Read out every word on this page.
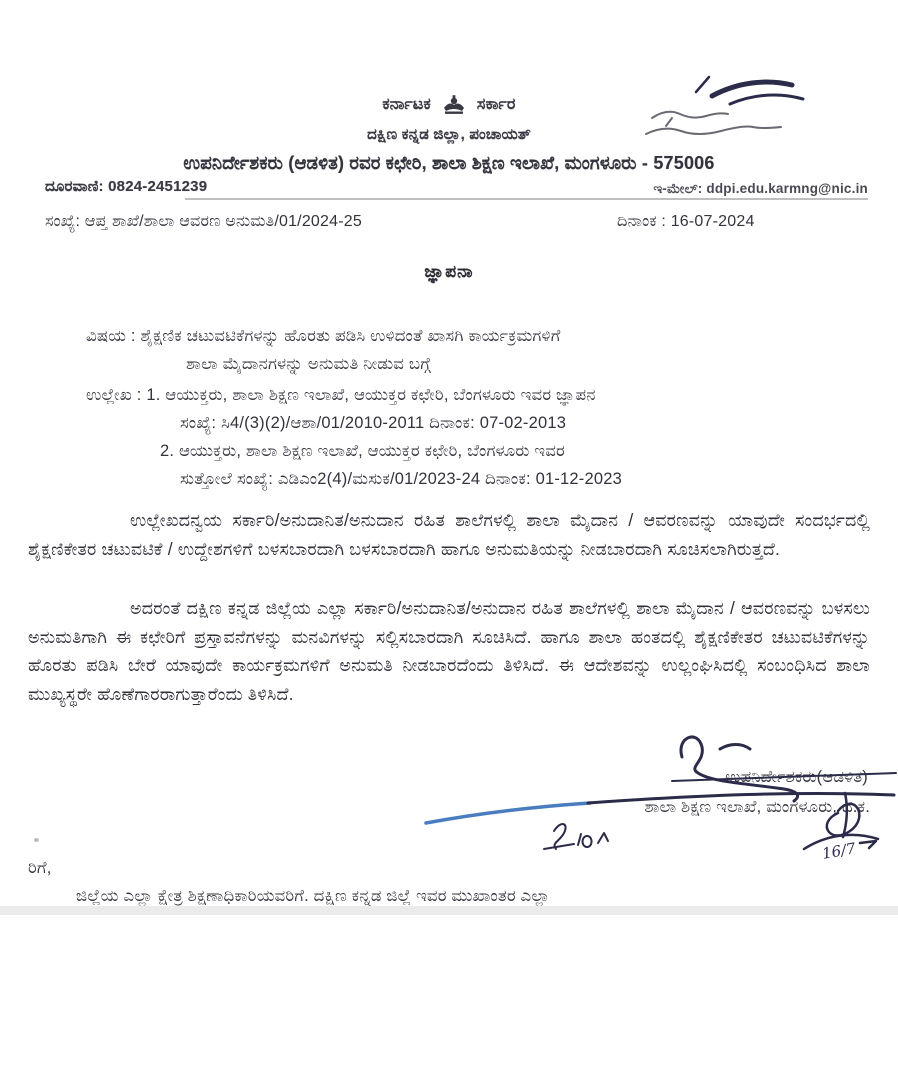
ಕರ್ನಾಟಕ	ಸರ್ಕಾರ
ದಕ್ಷಿಣ ಕನ್ನಡ ಜಿಲ್ಲಾ, ಪಂಚಾಯತ್
ಉಪನಿರ್ದೇಶಕರು (ಆಡಳಿತ) ರವರ ಕಛೇರಿ, ಶಾಲಾ ಶಿಕ್ಷಣ ಇಲಾಖೆ, ಮಂಗಳೂರು - 575006
ದೂರವಾಣಿ: 0824-2451239	ಇ-ಮೇಲ್: ddpi.edu.karmng@nic.in
ಸಂಖ್ಯೆ: ಆಪ್ತ ಶಾಖೆ/ಶಾಲಾ ಆವರಣ ಅನುಮತಿ/01/2024-25	ದಿನಾಂಕ : 16-07-2024
ಜ್ಞಾಪನಾ
ವಿಷಯ : ಶೈಕ್ಷಣಿಕ ಚಟುವಟಿಕೆಗಳನ್ನು ಹೊರತು ಪಡಿಸಿ ಉಳಿದಂತೆ ಖಾಸಗಿ ಕಾರ್ಯಕ್ರಮಗಳಿಗೆ
ಶಾಲಾ ಮೈದಾನಗಳನ್ನು ಅನುಮತಿ ನೀಡುವ ಬಗ್ಗೆ
ಉಲ್ಲೇಖ : 1. ಆಯುಕ್ತರು, ಶಾಲಾ ಶಿಕ್ಷಣ ಇಲಾಖೆ, ಆಯುಕ್ತರ ಕಛೇರಿ, ಬೆಂಗಳೂರು ಇವರ ಜ್ಞಾಪನ
ಸಂಖ್ಯೆ: ಸಿ4/(3)(2)/ಆಶಾ/01/2010-2011 ದಿನಾಂಕ: 07-02-2013
2. ಆಯುಕ್ತರು, ಶಾಲಾ ಶಿಕ್ಷಣ ಇಲಾಖೆ, ಆಯುಕ್ತರ ಕಛೇರಿ, ಬೆಂಗಳೂರು ಇವರ
ಸುತ್ತೋಲೆ ಸಂಖ್ಯೆ: ಎಡಿಎಂ2(4)/ಮಸುಕ/01/2023-24 ದಿನಾಂಕ: 01-12-2023
ಉಲ್ಲೇಖದನ್ವಯ ಸರ್ಕಾರಿ/ಅನುದಾನಿತ/ಅನುದಾನ ರಹಿತ ಶಾಲೆಗಳಲ್ಲಿ ಶಾಲಾ ಮೈದಾನ / ಆವರಣವನ್ನು ಯಾವುದೇ ಸಂದರ್ಭದಲ್ಲಿ ಶೈಕ್ಷಣಿಕೇತರ ಚಟುವಟಿಕೆ / ಉದ್ದೇಶಗಳಿಗೆ ಬಳಸಬಾರದಾಗಿ ಬಳಸಬಾರದಾಗಿ ಹಾಗೂ ಅನುಮತಿಯನ್ನು ನೀಡಬಾರದಾಗಿ ಸೂಚಿಸಲಾಗಿರುತ್ತದೆ.
ಅದರಂತೆ ದಕ್ಷಿಣ ಕನ್ನಡ ಜಿಲ್ಲೆಯ ಎಲ್ಲಾ ಸರ್ಕಾರಿ/ಅನುದಾನಿತ/ಅನುದಾನ ರಹಿತ ಶಾಲೆಗಳಲ್ಲಿ ಶಾಲಾ ಮೈದಾನ / ಆವರಣವನ್ನು ಬಳಸಲು ಅನುಮತಿಗಾಗಿ ಈ ಕಛೇರಿಗೆ ಪ್ರಸ್ತಾವನೆಗಳನ್ನು ಮನವಿಗಳನ್ನು ಸಲ್ಲಿಸಬಾರದಾಗಿ ಸೂಚಿಸಿದೆ. ಹಾಗೂ ಶಾಲಾ ಹಂತದಲ್ಲಿ ಶೈಕ್ಷಣಿಕೇತರ ಚಟುವಟಿಕೆಗಳನ್ನು ಹೊರತು ಪಡಿಸಿ ಬೇರೆ ಯಾವುದೇ ಕಾರ್ಯಕ್ರಮಗಳಿಗೆ ಅನುಮತಿ ನೀಡಬಾರದೆಂದು ತಿಳಿಸಿದೆ. ಈ ಆದೇಶವನ್ನು ಉಲ್ಲಂಘಿಸಿದಲ್ಲಿ ಸಂಬಂಧಿಸಿದ ಶಾಲಾ ಮುಖ್ಯಸ್ಥರೇ ಹೊಣೆಗಾರರಾಗುತ್ತಾರೆಂದು ತಿಳಿಸಿದೆ.
ಉಪನಿರ್ದೇಶಕರು(ಆಡಳಿತ)
ಶಾಲಾ ಶಿಕ್ಷಣ ಇಲಾಖೆ, ಮಂಗಳೂರು, ದ.ಕ.
16/7
ರಿಗೆ,
ಜಿಲ್ಲೆಯ ಎಲ್ಲಾ ಕ್ಷೇತ್ರ ಶಿಕ್ಷಣಾಧಿಕಾರಿಯವರಿಗೆ. ದಕ್ಷಿಣ ಕನ್ನಡ ಜಿಲ್ಲೆ ಇವರ ಮುಖಾಂತರ ಎಲ್ಲಾ
